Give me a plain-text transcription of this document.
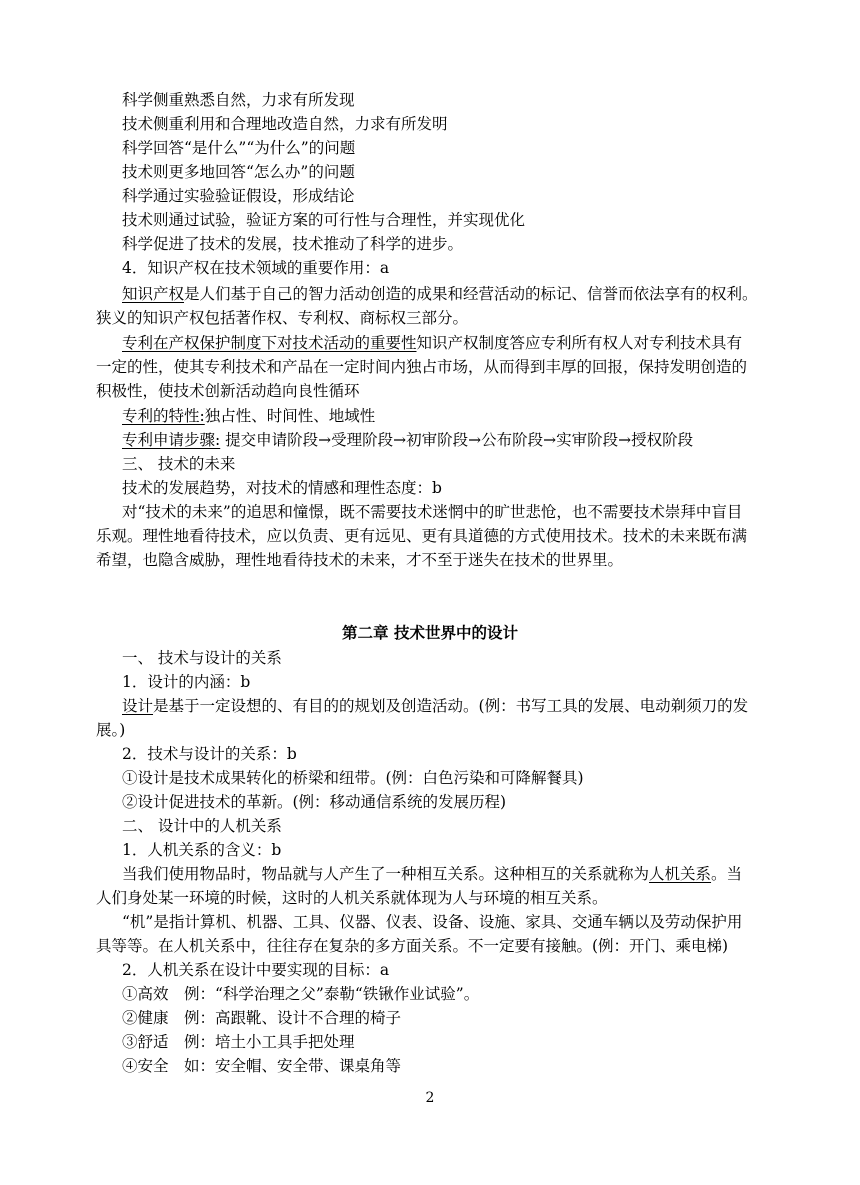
科学侧重熟悉自然，力求有所发现
技术侧重利用和合理地改造自然，力求有所发明
科学回答“是什么”“为什么”的问题
技术则更多地回答“怎么办”的问题
科学通过实验验证假设，形成结论
技术则通过试验，验证方案的可行性与合理性，并实现优化
科学促进了技术的发展，技术推动了科学的进步。
4．知识产权在技术领域的重要作用：a
知识产权是人们基于自己的智力活动创造的成果和经营活动的标记、信誉而依法享有的权利。
狭义的知识产权包括著作权、专利权、商标权三部分。
专利在产权保护制度下对技术活动的重要性知识产权制度答应专利所有权人对专利技术具有
一定的性，使其专利技术和产品在一定时间内独占市场，从而得到丰厚的回报，保持发明创造的
积极性，使技术创新活动趋向良性循环
专利的特性:独占性、时间性、地域性
专利申请步骤: 提交申请阶段→受理阶段→初审阶段→公布阶段→实审阶段→授权阶段
三、 技术的未来
技术的发展趋势，对技术的情感和理性态度：b
对“技术的未来”的追思和憧憬，既不需要技术迷惘中的旷世悲怆，也不需要技术崇拜中盲目
乐观。理性地看待技术，应以负责、更有远见、更有具道德的方式使用技术。技术的未来既布满
希望，也隐含威胁，理性地看待技术的未来，才不至于迷失在技术的世界里。
第二章 技术世界中的设计
一、 技术与设计的关系
1．设计的内涵：b
设计是基于一定设想的、有目的的规划及创造活动。(例：书写工具的发展、电动剃须刀的发
展。)
2．技术与设计的关系：b
①设计是技术成果转化的桥梁和纽带。(例：白色污染和可降解餐具)
②设计促进技术的革新。(例：移动通信系统的发展历程)
二、 设计中的人机关系
1．人机关系的含义：b
当我们使用物品时，物品就与人产生了一种相互关系。这种相互的关系就称为人机关系。当
人们身处某一环境的时候，这时的人机关系就体现为人与环境的相互关系。
“机”是指计算机、机器、工具、仪器、仪表、设备、设施、家具、交通车辆以及劳动保护用
具等等。在人机关系中，往往存在复杂的多方面关系。不一定要有接触。(例：开门、乘电梯)
2．人机关系在设计中要实现的目标：a
①高效　例：“科学治理之父”泰勒“铁锹作业试验”。
②健康　例：高跟靴、设计不合理的椅子
③舒适　例：培土小工具手把处理
④安全　如：安全帽、安全带、课桌角等
2
